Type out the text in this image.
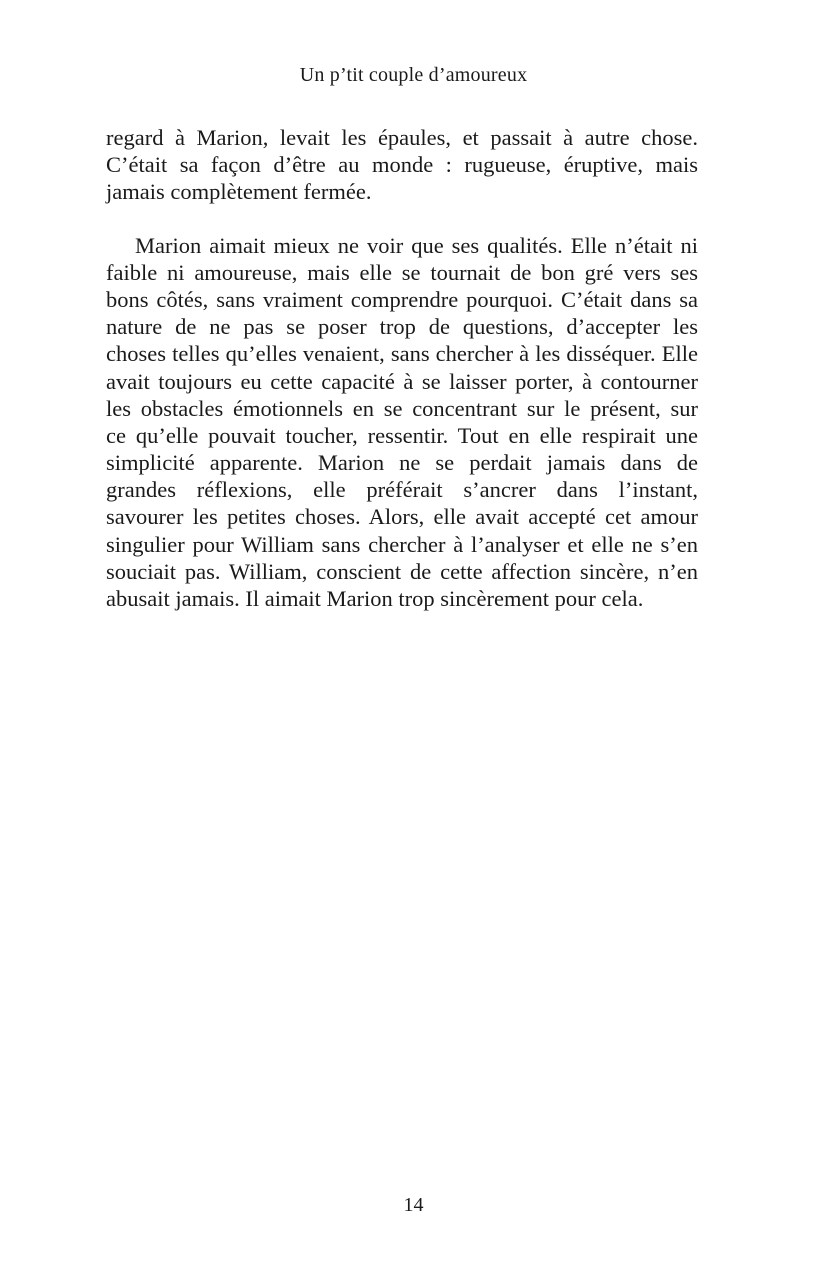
Un p’tit couple d’amoureux

regard à Marion, levait les épaules, et passait à autre chose.
C’était sa façon d’être au monde : rugueuse, éruptive, mais
jamais complètement fermée.

Marion aimait mieux ne voir que ses qualités. Elle n’était ni
faible ni amoureuse, mais elle se tournait de bon gré vers ses
bons côtés, sans vraiment comprendre pourquoi. C’était dans sa
nature de ne pas se poser trop de questions, d’accepter les
choses telles qu’elles venaient, sans chercher à les disséquer. Elle
avait toujours eu cette capacité à se laisser porter, à contourner
les obstacles émotionnels en se concentrant sur le présent, sur
ce qu’elle pouvait toucher, ressentir. Tout en elle respirait une
simplicité apparente. Marion ne se perdait jamais dans de
grandes réflexions, elle préférait s’ancrer dans l’instant,
savourer les petites choses. Alors, elle avait accepté cet amour
singulier pour William sans chercher à l’analyser et elle ne s’en
souciait pas. William, conscient de cette affection sincère, n’en
abusait jamais. Il aimait Marion trop sincèrement pour cela.

14
